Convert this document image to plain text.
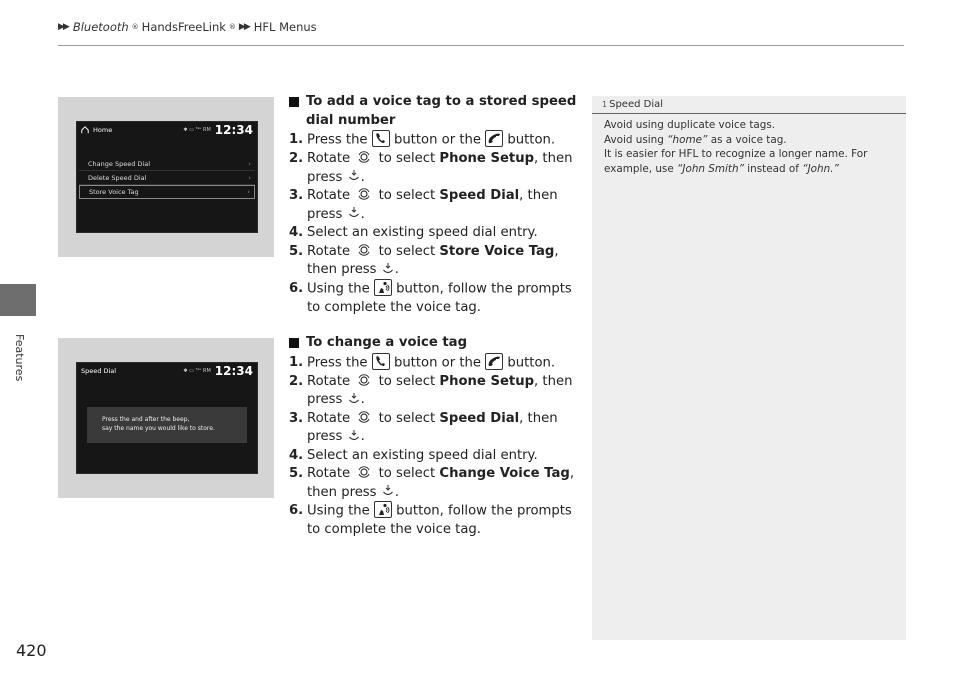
▶▶ Bluetooth ® HandsFreeLink ® ▶▶ HFL Menus
Features
420
Home	✱ ▭ ᵀᵃᵘ RM 12:34
Change Speed Dial ›
Delete Speed Dial ›
Store Voice Tag ›
Speed Dial	✱ ▭ ᵀᵃᵘ RM 12:34
Press the and after the beep,
say the name you would like to store.
To add a voice tag to a stored speed dial number
1. Press the button or the button.
2. Rotate to select Phone Setup, then press .
3. Rotate to select Speed Dial, then press .
4. Select an existing speed dial entry.
5. Rotate to select Store Voice Tag, then press .
6. Using the button, follow the prompts to complete the voice tag.
To change a voice tag
1. Press the button or the button.
2. Rotate to select Phone Setup, then press .
3. Rotate to select Speed Dial, then press .
4. Select an existing speed dial entry.
5. Rotate to select Change Voice Tag, then press .
6. Using the button, follow the prompts to complete the voice tag.
1 Speed Dial
Avoid using duplicate voice tags.
Avoid using “home” as a voice tag.
It is easier for HFL to recognize a longer name. For example, use “John Smith” instead of “John.”
